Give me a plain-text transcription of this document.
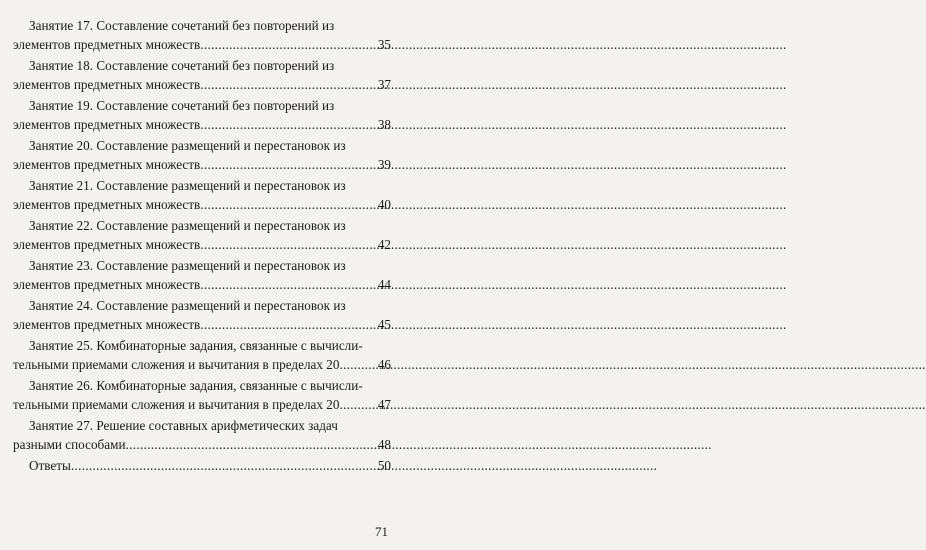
Занятие 17. Составление сочетаний без повторений из
элементов предметных множеств .....	35
Занятие 18. Составление сочетаний без повторений из
элементов предметных множеств .....	37
Занятие 19. Составление сочетаний без повторений из
элементов предметных множеств .....	38
Занятие 20. Составление размещений и перестановок из
элементов предметных множеств .....	39
Занятие 21. Составление размещений и перестановок из
элементов предметных множеств .....	40
Занятие 22. Составление размещений и перестановок из
элементов предметных множеств .....	42
Занятие 23. Составление размещений и перестановок из
элементов предметных множеств .....	44
Занятие 24. Составление размещений и перестановок из
элементов предметных множеств .....	45
Занятие 25. Комбинаторные задания, связанные с вычисли-
тельными приемами сложения и вычитания в пределах 20 .....	46
Занятие 26. Комбинаторные задания, связанные с вычисли-
тельными приемами сложения и вычитания в пределах 20 .....	47
Занятие 27. Решение составных арифметических задач
разными способами .....	48
Ответы .....	50
71
